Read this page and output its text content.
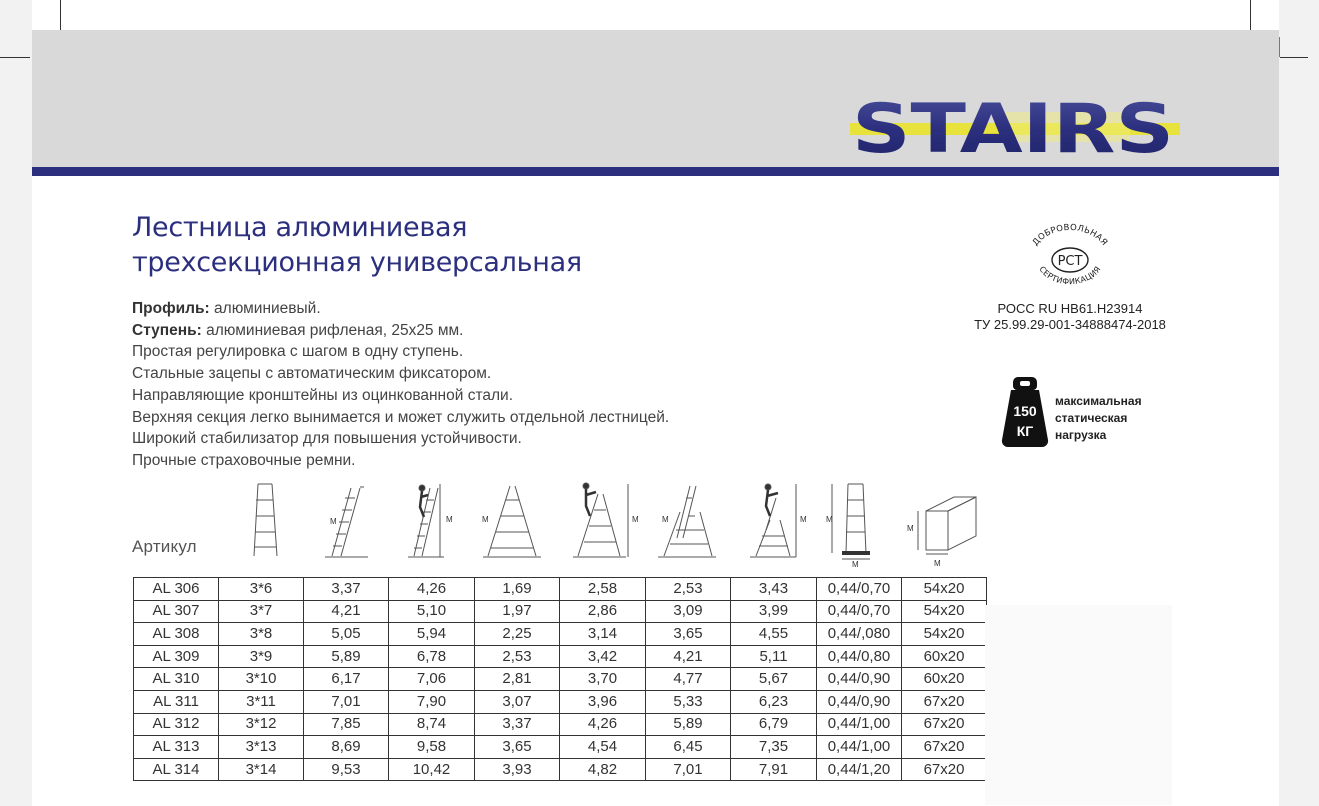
STAIRS
Лестница алюминиевая
трехсекционная универсальная
Профиль: алюминиевый.
Ступень: алюминиевая рифленая, 25х25 мм.
Простая регулировка с шагом в одну ступень.
Стальные зацепы с автоматическим фиксатором.
Направляющие кронштейны из оцинкованной стали.
Верхняя секция легко вынимается и может служить отдельной лестницей.
Широкий стабилизатор для повышения устойчивости.
Прочные страховочные ремни.
ДОБРОВОЛЬНАЯ
СЕРТИФИКАЦИЯ
РСТ
РОСС RU НВ61.Н23914
ТУ 25.99.29-001-34888474-2018
150
КГ
максимальная
статическая
нагрузка
Артикул
М	М	М	М	М	М М
М
М
М
AL 306	3*6	3,37	4,26	1,69	2,58	2,53	3,43	0,44/0,70	54х20
AL 307	3*7	4,21	5,10	1,97	2,86	3,09	3,99	0,44/0,70	54х20
AL 308	3*8	5,05	5,94	2,25	3,14	3,65	4,55	0,44/,080	54х20
AL 309	3*9	5,89	6,78	2,53	3,42	4,21	5,11	0,44/0,80	60х20
AL 310	3*10	6,17	7,06	2,81	3,70	4,77	5,67	0,44/0,90	60х20
AL 311	3*11	7,01	7,90	3,07	3,96	5,33	6,23	0,44/0,90	67х20
AL 312	3*12	7,85	8,74	3,37	4,26	5,89	6,79	0,44/1,00	67х20
AL 313	3*13	8,69	9,58	3,65	4,54	6,45	7,35	0,44/1,00	67х20
AL 314	3*14	9,53	10,42	3,93	4,82	7,01	7,91	0,44/1,20	67х20
